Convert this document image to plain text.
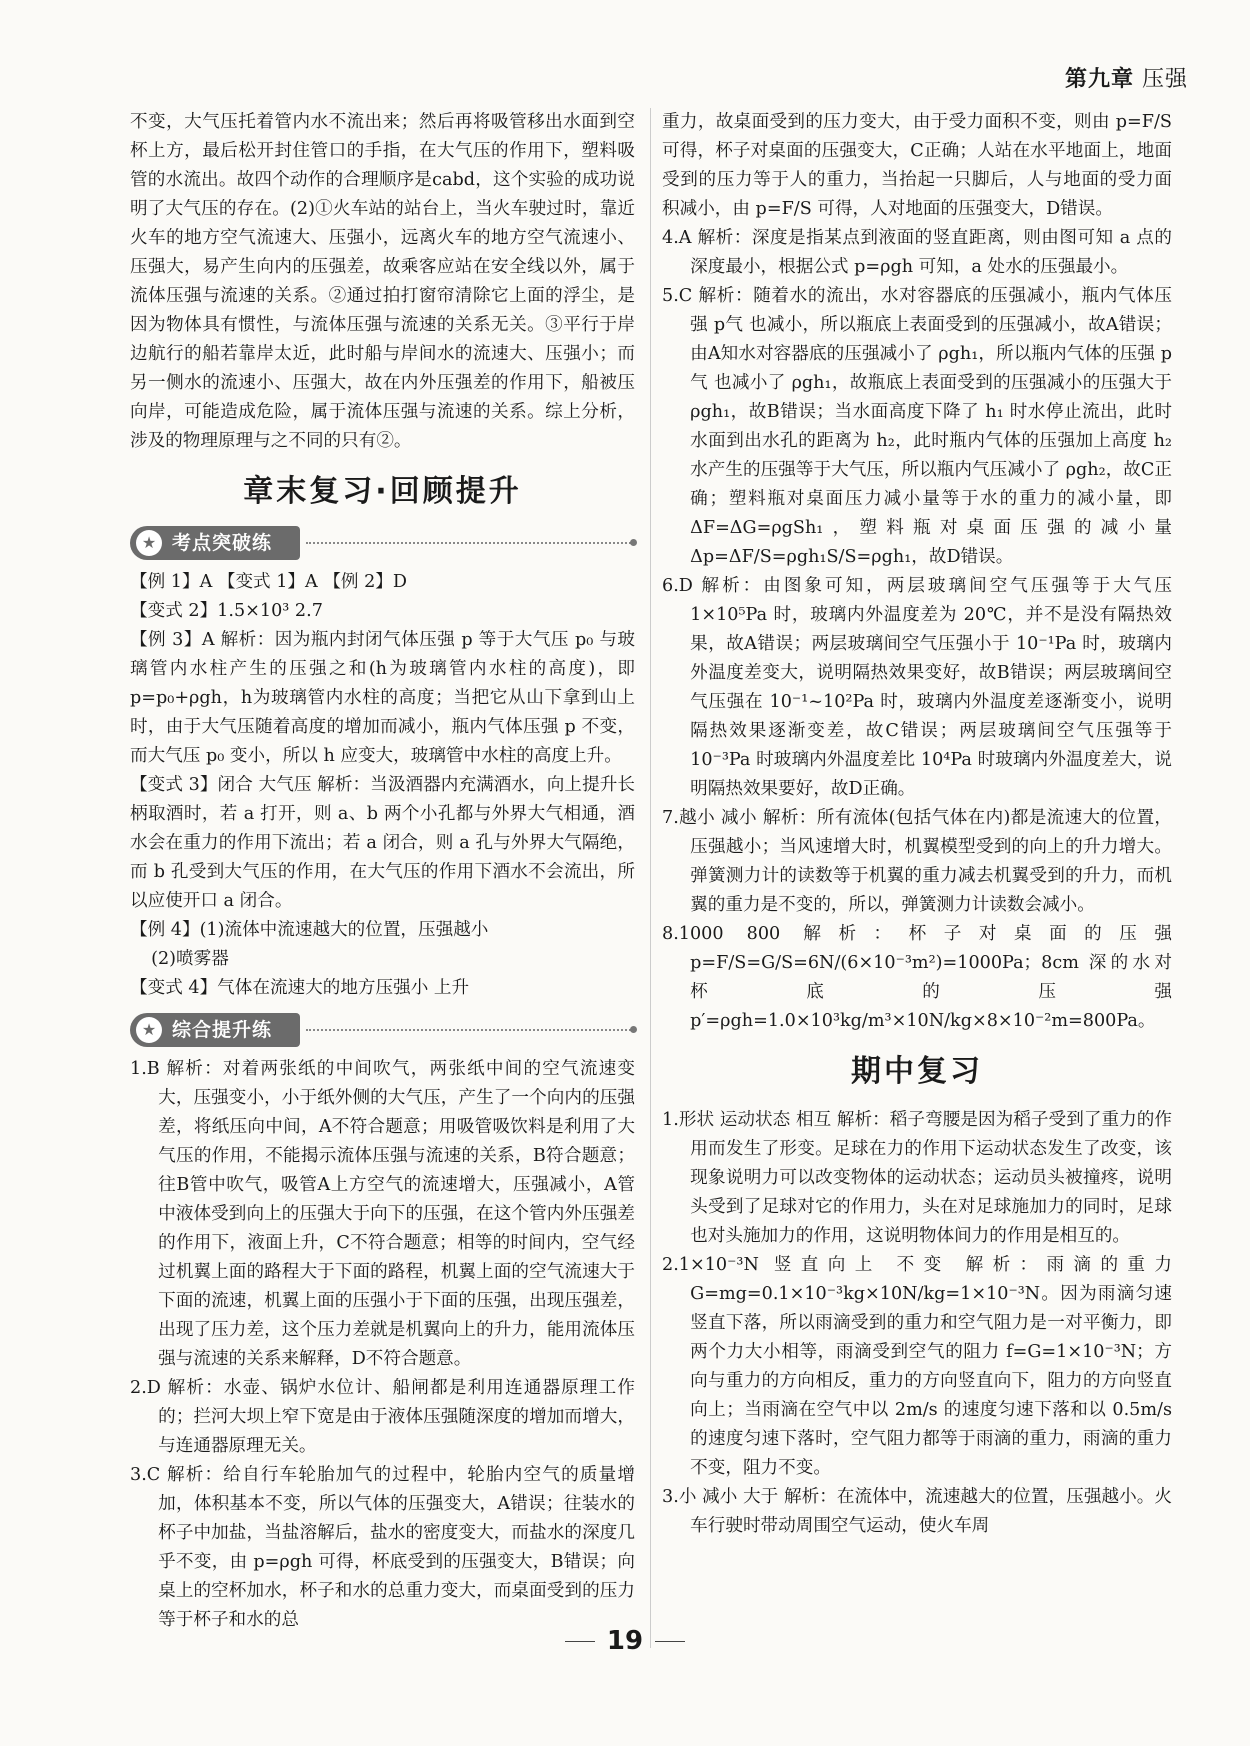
第九章 压强

不变，大气压托着管内水不流出来；然后再将吸管移出水面到空杯上方，最后松开封住管口的手指，在大气压的作用下，塑料吸管的水流出。故四个动作的合理顺序是cabd，这个实验的成功说明了大气压的存在。(2)①火车站的站台上，当火车驶过时，靠近火车的地方空气流速大、压强小，远离火车的地方空气流速小、压强大，易产生向内的压强差，故乘客应站在安全线以外，属于流体压强与流速的关系。②通过拍打窗帘清除它上面的浮尘，是因为物体具有惯性，与流体压强与流速的关系无关。③平行于岸边航行的船若靠岸太近，此时船与岸间水的流速大、压强小；而另一侧水的流速小、压强大，故在内外压强差的作用下，船被压向岸，可能造成危险，属于流体压强与流速的关系。综上分析，涉及的物理原理与之不同的只有②。

章末复习·回顾提升
★ 考点突破练

【例 1】A 【变式 1】A 【例 2】D

【变式 2】1.5×10³ 2.7

【例 3】A 解析：因为瓶内封闭气体压强 p 等于大气压 p₀ 与玻璃管内水柱产生的压强之和(h为玻璃管内水柱的高度)，即 p=p₀+ρgh，h为玻璃管内水柱的高度；当把它从山下拿到山上时，由于大气压随着高度的增加而减小，瓶内气体压强 p 不变，而大气压 p₀ 变小，所以 h 应变大，玻璃管中水柱的高度上升。

【变式 3】闭合 大气压 解析：当汲酒器内充满酒水，向上提升长柄取酒时，若 a 打开，则 a、b 两个小孔都与外界大气相通，酒水会在重力的作用下流出；若 a 闭合，则 a 孔与外界大气隔绝，而 b 孔受到大气压的作用，在大气压的作用下酒水不会流出，所以应使开口 a 闭合。

【例 4】(1)流体中流速越大的位置，压强越小

(2)喷雾器

【变式 4】气体在流速大的地方压强小 上升

★ 综合提升练

1.B 解析：对着两张纸的中间吹气，两张纸中间的空气流速变大，压强变小，小于纸外侧的大气压，产生了一个向内的压强差，将纸压向中间，A不符合题意；用吸管吸饮料是利用了大气压的作用，不能揭示流体压强与流速的关系，B符合题意；往B管中吹气，吸管A上方空气的流速增大，压强减小，A管中液体受到向上的压强大于向下的压强，在这个管内外压强差的作用下，液面上升，C不符合题意；相等的时间内，空气经过机翼上面的路程大于下面的路程，机翼上面的空气流速大于下面的流速，机翼上面的压强小于下面的压强，出现压强差，出现了压力差，这个压力差就是机翼向上的升力，能用流体压强与流速的关系来解释，D不符合题意。

2.D 解析：水壶、锅炉水位计、船闸都是利用连通器原理工作的；拦河大坝上窄下宽是由于液体压强随深度的增加而增大，与连通器原理无关。

3.C 解析：给自行车轮胎加气的过程中，轮胎内空气的质量增加，体积基本不变，所以气体的压强变大，A错误；往装水的杯子中加盐，当盐溶解后，盐水的密度变大，而盐水的深度几乎不变，由 p=ρgh 可得，杯底受到的压强变大，B错误；向桌上的空杯加水，杯子和水的总重力变大，而桌面受到的压力等于杯子和水的总

重力，故桌面受到的压力变大，由于受力面积不变，则由 p=F/S 可得，杯子对桌面的压强变大，C正确；人站在水平地面上，地面受到的压力等于人的重力，当抬起一只脚后，人与地面的受力面积减小，由 p=F/S 可得，人对地面的压强变大，D错误。

4.A 解析：深度是指某点到液面的竖直距离，则由图可知 a 点的深度最小，根据公式 p=ρgh 可知，a 处水的压强最小。

5.C 解析：随着水的流出，水对容器底的压强减小，瓶内气体压强 p气 也减小，所以瓶底上表面受到的压强减小，故A错误；由A知水对容器底的压强减小了 ρgh₁，所以瓶内气体的压强 p气 也减小了 ρgh₁，故瓶底上表面受到的压强减小的压强大于 ρgh₁，故B错误；当水面高度下降了 h₁ 时水停止流出，此时水面到出水孔的距离为 h₂，此时瓶内气体的压强加上高度 h₂ 水产生的压强等于大气压，所以瓶内气压减小了 ρgh₂，故C正确；塑料瓶对桌面压力减小量等于水的重力的减小量，即 ΔF=ΔG=ρgSh₁，塑料瓶对桌面压强的减小量 Δp=ΔF/S=ρgh₁S/S=ρgh₁，故D错误。

6.D 解析：由图象可知，两层玻璃间空气压强等于大气压 1×10⁵Pa 时，玻璃内外温度差为 20℃，并不是没有隔热效果，故A错误；两层玻璃间空气压强小于 10⁻¹Pa 时，玻璃内外温度差变大，说明隔热效果变好，故B错误；两层玻璃间空气压强在 10⁻¹~10²Pa 时，玻璃内外温度差逐渐变小，说明隔热效果逐渐变差，故C错误；两层玻璃间空气压强等于 10⁻³Pa 时玻璃内外温度差比 10⁴Pa 时玻璃内外温度差大，说明隔热效果要好，故D正确。

7.越小 减小 解析：所有流体(包括气体在内)都是流速大的位置，压强越小；当风速增大时，机翼模型受到的向上的升力增大。弹簧测力计的读数等于机翼的重力减去机翼受到的升力，而机翼的重力是不变的，所以，弹簧测力计读数会减小。

8.1000 800 解析：杯子对桌面的压强 p=F/S=G/S=6N/(6×10⁻³m²)=1000Pa；8cm 深的水对杯底的压强 p′=ρgh=1.0×10³kg/m³×10N/kg×8×10⁻²m=800Pa。

期中复习

1.形状 运动状态 相互 解析：稻子弯腰是因为稻子受到了重力的作用而发生了形变。足球在力的作用下运动状态发生了改变，该现象说明力可以改变物体的运动状态；运动员头被撞疼，说明头受到了足球对它的作用力，头在对足球施加力的同时，足球也对头施加力的作用，这说明物体间力的作用是相互的。

2.1×10⁻³N 竖直向上 不变 解析：雨滴的重力 G=mg=0.1×10⁻³kg×10N/kg=1×10⁻³N。因为雨滴匀速竖直下落，所以雨滴受到的重力和空气阻力是一对平衡力，即两个力大小相等，雨滴受到空气的阻力 f=G=1×10⁻³N；方向与重力的方向相反，重力的方向竖直向下，阻力的方向竖直向上；当雨滴在空气中以 2m/s 的速度匀速下落和以 0.5m/s 的速度匀速下落时，空气阻力都等于雨滴的重力，雨滴的重力不变，阻力不变。

3.小 减小 大于 解析：在流体中，流速越大的位置，压强越小。火车行驶时带动周围空气运动，使火车周

19
